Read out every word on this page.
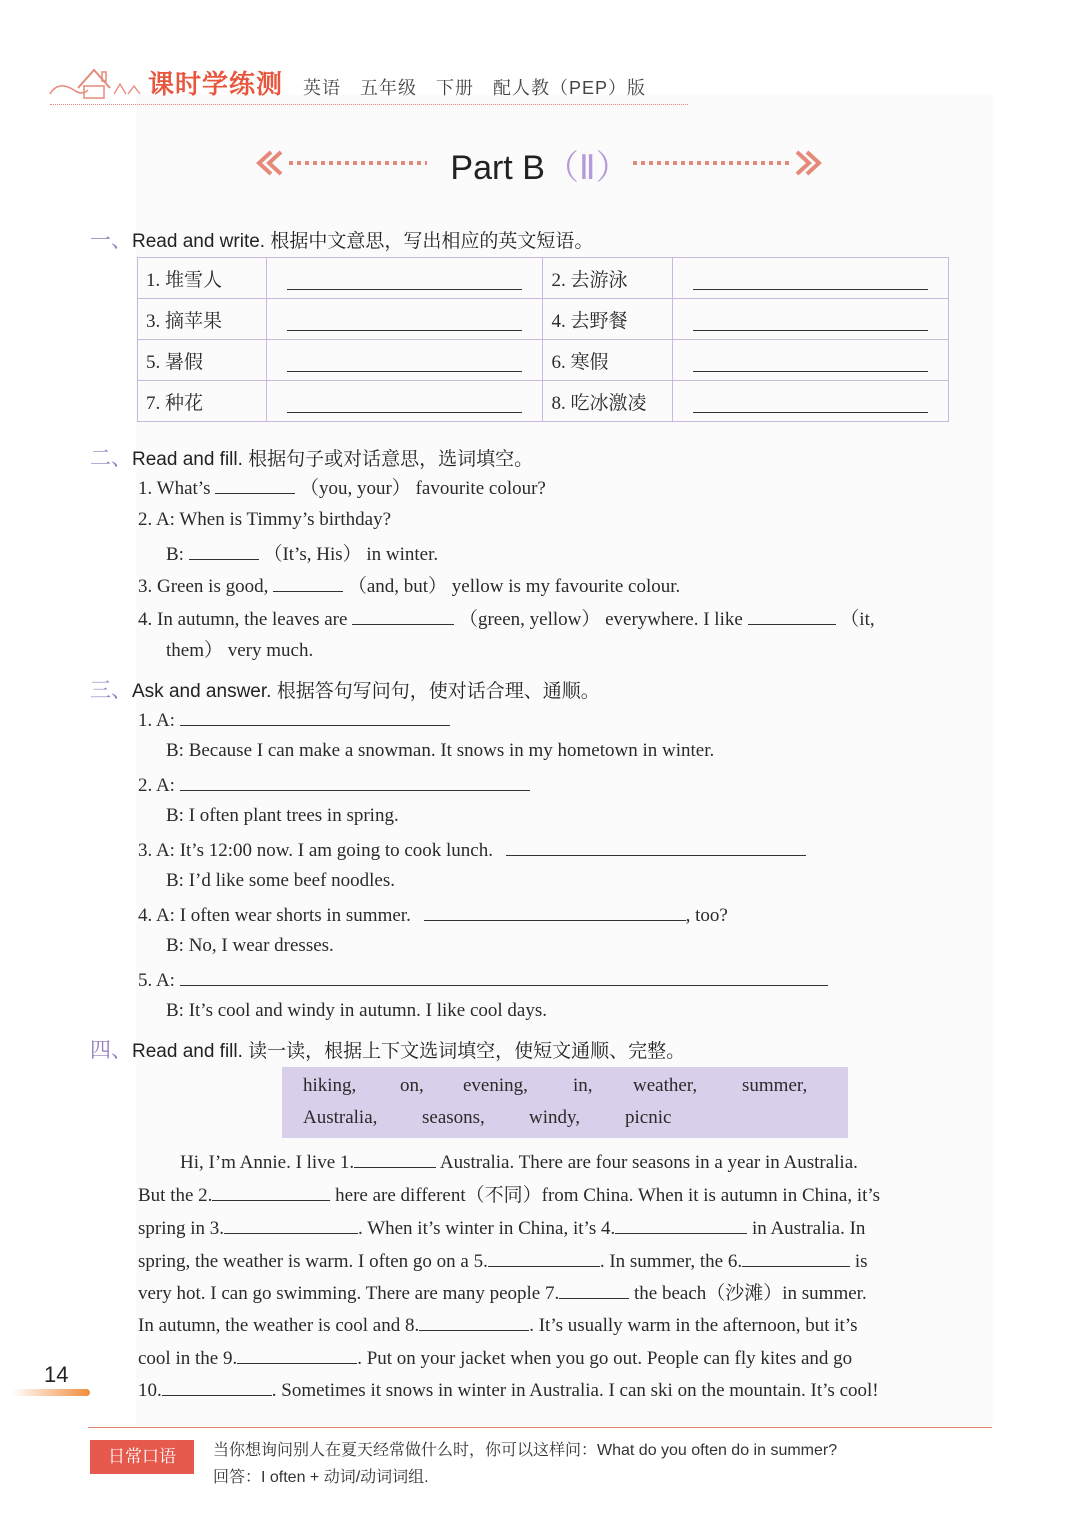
课时学练测 英语　五年级　下册　配人教（PEP）版
Part B（Ⅱ）
一、Read and write. 根据中文意思，写出相应的英文短语。
1. 堆雪人		2. 去游泳	

3. 摘苹果		4. 去野餐	

5. 暑假		6. 寒假	

7. 种花		8. 吃冰激凌	
二、Read and fill. 根据句子或对话意思，选词填空。
1. What’s	（you, your） favourite colour?
2. A: When is Timmy’s birthday?
B:	（It’s, His） in winter.
3. Green is good,	（and, but） yellow is my favourite colour.
4. In autumn, the leaves are	（green, yellow） everywhere. I like	（it,
them） very much.
三、Ask and answer. 根据答句写问句，使对话合理、通顺。
1. A:
B: Because I can make a snowman. It snows in my hometown in winter.
2. A:
B: I often plant trees in spring.
3. A: It’s 12:00 now. I am going to cook lunch.
B: I’d like some beef noodles.
4. A: I often wear shorts in summer.	, too?
B: No, I wear dresses.
5. A:
B: It’s cool and windy in autumn. I like cool days.
四、Read and fill. 读一读，根据上下文选词填空，使短文通顺、完整。
hiking, on, evening, in, weather, summer,
Australia, seasons, windy, picnic
Hi, I’m Annie. I live 1.	Australia. There are four seasons in a year in Australia.
But the 2.	here are different（不同）from China. When it is autumn in China, it’s
spring in 3.	. When it’s winter in China, it’s 4.	in Australia. In
spring, the weather is warm. I often go on a 5.	. In summer, the 6.	is
very hot. I can go swimming. There are many people 7.	the beach（沙滩）in summer.
In autumn, the weather is cool and 8.	. It’s usually warm in the afternoon, but it’s
cool in the 9.	. Put on your jacket when you go out. People can fly kites and go
10.	. Sometimes it snows in winter in Australia. I can ski on the mountain. It’s cool!
14
日常口语	当你想询问别人在夏天经常做什么时，你可以这样问：What do you often do in summer?
回答：I often + 动词/动词词组.
